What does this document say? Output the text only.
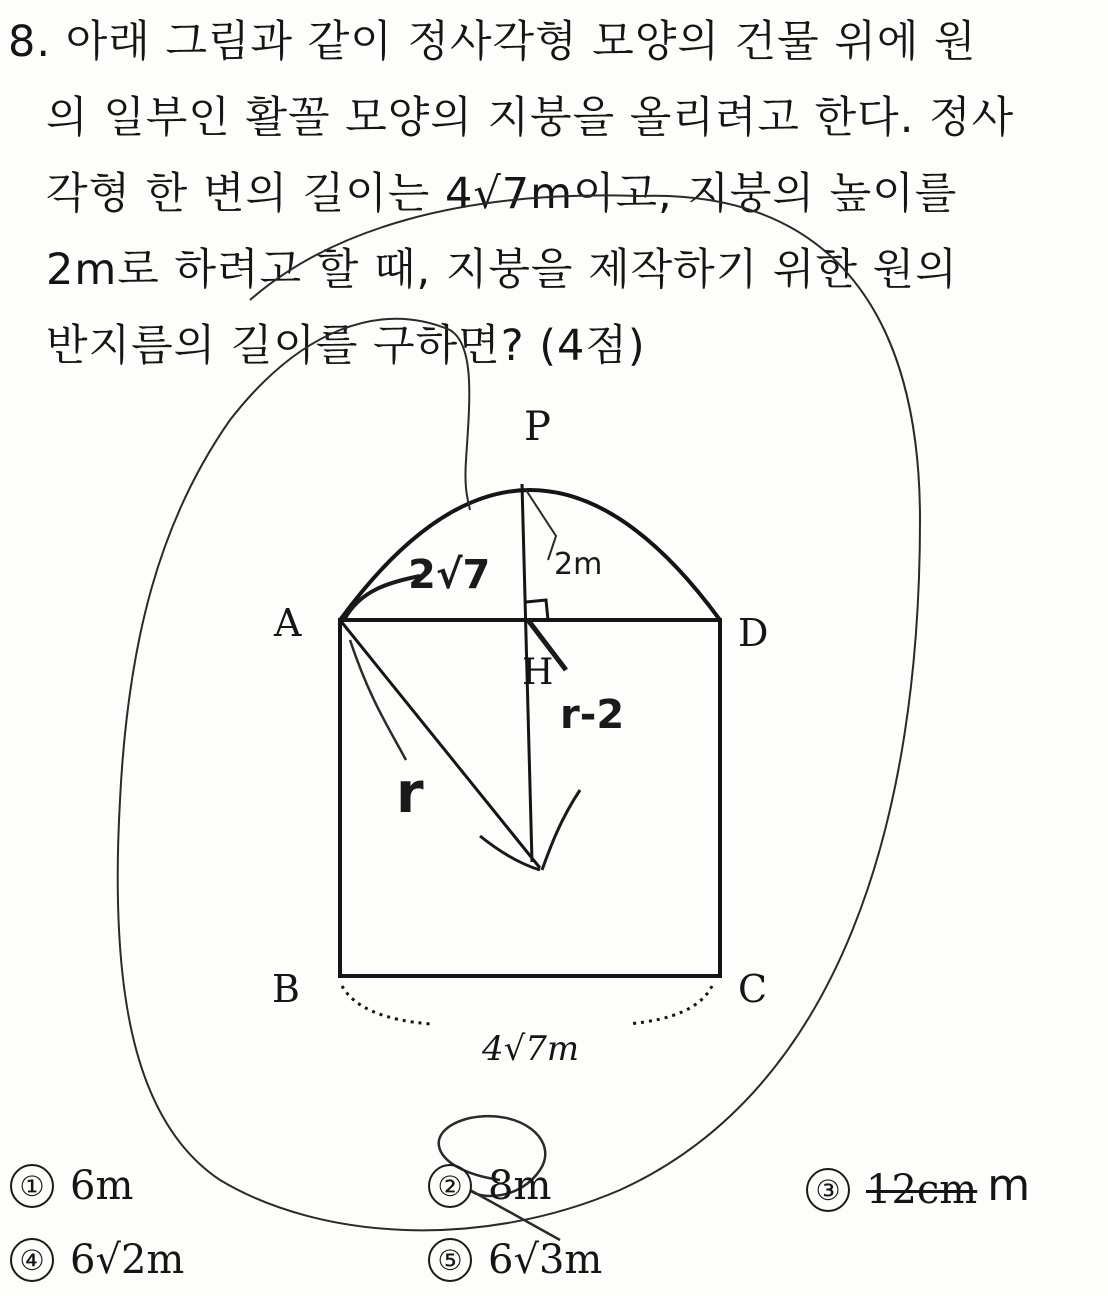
8. 아래 그림과 같이 정사각형 모양의 건물 위에 원
의 일부인 활꼴 모양의 지붕을 올리려고 한다. 정사
각형 한 변의 길이는 4√7m이고, 지붕의 높이를
2m로 하려고 할 때, 지붕을 제작하기 위한 원의
반지름의 길이를 구하면? (4점)
P
A	D
H
B	C
4√7m
2√7 2m
r-2
r
① 6m	② 8m	③ 12cm m
④ 6√2m	⑤ 6√3m
